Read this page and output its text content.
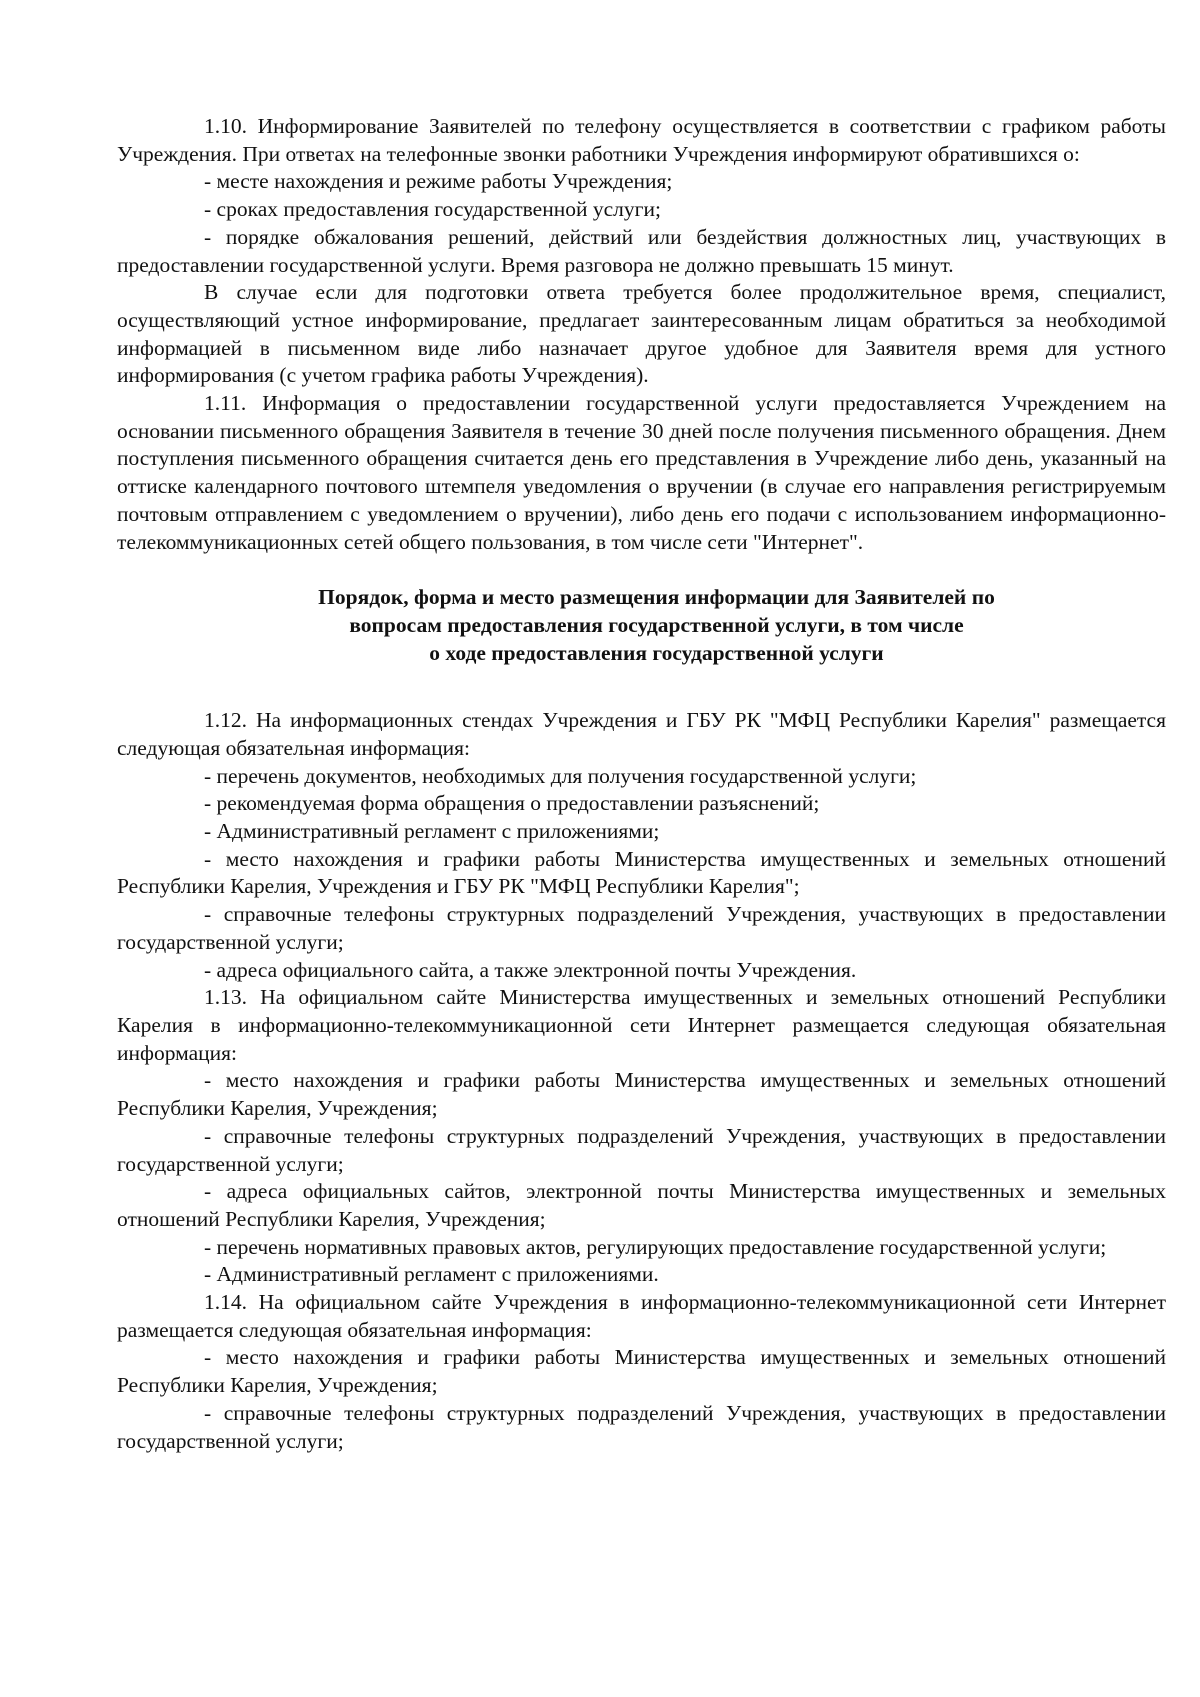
1.10. Информирование Заявителей по телефону осуществляется в соответствии с графиком работы Учреждения. При ответах на телефонные звонки работники Учреждения информируют обратившихся о:

- месте нахождения и режиме работы Учреждения;

- сроках предоставления государственной услуги;

- порядке обжалования решений, действий или бездействия должностных лиц, участвующих в предоставлении государственной услуги. Время разговора не должно превышать 15 минут.

В случае если для подготовки ответа требуется более продолжительное время, специалист, осуществляющий устное информирование, предлагает заинтересованным лицам обратиться за необходимой информацией в письменном виде либо назначает другое удобное для Заявителя время для устного информирования (с учетом графика работы Учреждения).

1.11. Информация о предоставлении государственной услуги предоставляется Учреждением на основании письменного обращения Заявителя в течение 30 дней после получения письменного обращения. Днем поступления письменного обращения считается день его представления в Учреждение либо день, указанный на оттиске календарного почтового штемпеля уведомления о вручении (в случае его направления регистрируемым почтовым отправлением с уведомлением о вручении), либо день его подачи с использованием информационно-телекоммуникационных сетей общего пользования, в том числе сети "Интернет".

Порядок, форма и место размещения информации для Заявителей по
вопросам предоставления государственной услуги, в том числе
о ходе предоставления государственной услуги

1.12. На информационных стендах Учреждения и ГБУ РК "МФЦ Республики Карелия" размещается следующая обязательная информация:

- перечень документов, необходимых для получения государственной услуги;

- рекомендуемая форма обращения о предоставлении разъяснений;

- Административный регламент с приложениями;

- место нахождения и графики работы Министерства имущественных и земельных отношений Республики Карелия, Учреждения и ГБУ РК "МФЦ Республики Карелия";

- справочные телефоны структурных подразделений Учреждения, участвующих в предоставлении государственной услуги;

- адреса официального сайта, а также электронной почты Учреждения.

1.13. На официальном сайте Министерства имущественных и земельных отношений Республики Карелия в информационно-телекоммуникационной сети Интернет размещается следующая обязательная информация:

- место нахождения и графики работы Министерства имущественных и земельных отношений Республики Карелия, Учреждения;

- справочные телефоны структурных подразделений Учреждения, участвующих в предоставлении государственной услуги;

- адреса официальных сайтов, электронной почты Министерства имущественных и земельных отношений Республики Карелия, Учреждения;

- перечень нормативных правовых актов, регулирующих предоставление государственной услуги;

- Административный регламент с приложениями.

1.14. На официальном сайте Учреждения в информационно-телекоммуникационной сети Интернет размещается следующая обязательная информация:

- место нахождения и графики работы Министерства имущественных и земельных отношений Республики Карелия, Учреждения;

- справочные телефоны структурных подразделений Учреждения, участвующих в предоставлении государственной услуги;
